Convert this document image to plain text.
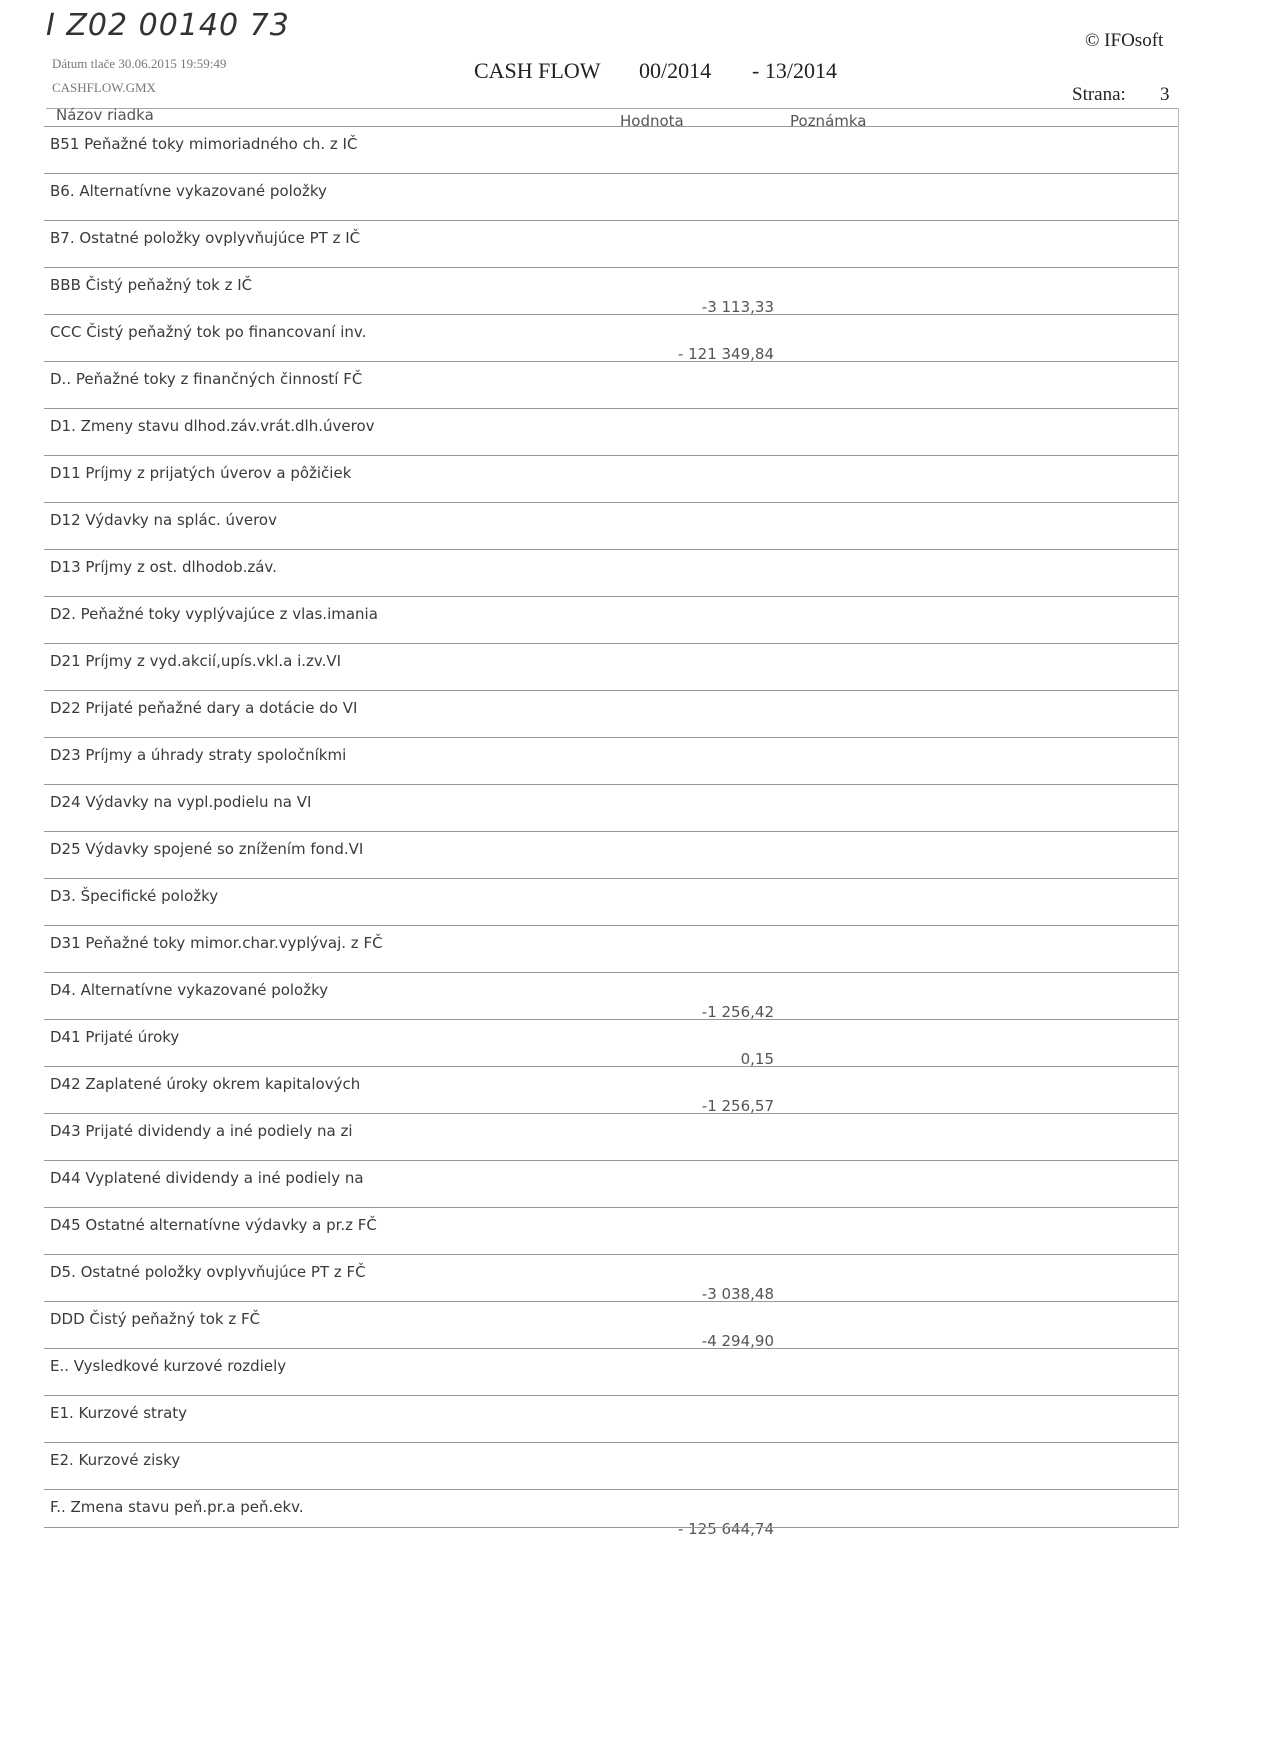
I Z02 00140 73
Dátum tlače 30.06.2015 19:59:49
CASHFLOW.GMX
CASH FLOW 00/2014 - 13/2014
© IFOsoft
Strana: 3
Názov riadka	Hodnota	Poznámka
B51 Peňažné toky mimoriadného ch. z IČ
B6. Alternatívne vykazované položky
B7. Ostatné položky ovplyvňujúce PT z IČ
BBB Čistý peňažný tok z IČ
-3 113,33
CCC Čistý peňažný tok po financovaní inv.
- 121 349,84
D.. Peňažné toky z finančných činností FČ
D1. Zmeny stavu dlhod.záv.vrát.dlh.úverov
D11 Príjmy z prijatých úverov a pôžičiek
D12 Výdavky na splác. úverov
D13 Príjmy z ost. dlhodob.záv.
D2. Peňažné toky vyplývajúce z vlas.imania
D21 Príjmy z vyd.akcií,upís.vkl.a i.zv.VI
D22 Prijaté peňažné dary a dotácie do VI
D23 Príjmy a úhrady straty spoločníkmi
D24 Výdavky na vypl.podielu na VI
D25 Výdavky spojené so znížením fond.VI
D3. Špecifické položky
D31 Peňažné toky mimor.char.vyplývaj. z FČ
D4. Alternatívne vykazované položky
-1 256,42
D41 Prijaté úroky
0,15
D42 Zaplatené úroky okrem kapitalových
-1 256,57
D43 Prijaté dividendy a iné podiely na zi
D44 Vyplatené dividendy a iné podiely na
D45 Ostatné alternatívne výdavky a pr.z FČ
D5. Ostatné položky ovplyvňujúce PT z FČ
-3 038,48
DDD Čistý peňažný tok z FČ
-4 294,90
E.. Vysledkové kurzové rozdiely
E1. Kurzové straty
E2. Kurzové zisky
F.. Zmena stavu peň.pr.a peň.ekv.
- 125 644,74
